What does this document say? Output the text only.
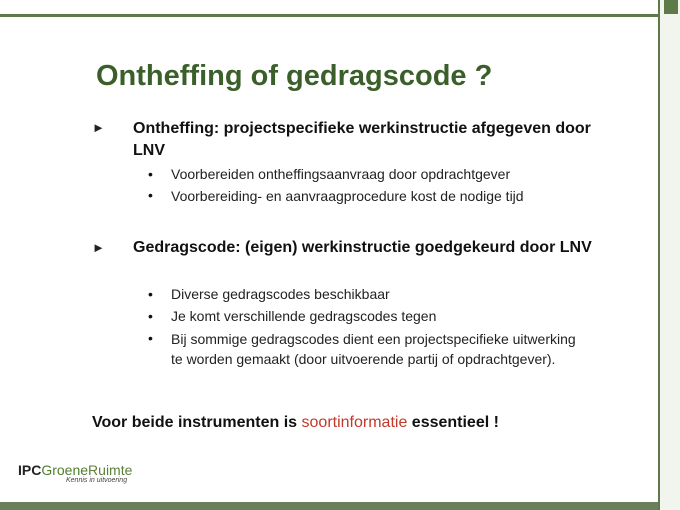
Ontheffing of gedragscode ?
► Ontheffing: projectspecifieke werkinstructie afgegeven door LNV
• Voorbereiden ontheffingsaanvraag door opdrachtgever
• Voorbereiding- en aanvraagprocedure kost de nodige tijd
► Gedragscode: (eigen) werkinstructie goedgekeurd door LNV
• Diverse gedragscodes beschikbaar
• Je komt verschillende gedragscodes tegen
• Bij sommige gedragscodes dient een projectspecifieke uitwerking te worden gemaakt (door uitvoerende partij of opdrachtgever).
Voor beide instrumenten is soortinformatie essentieel !
IPCGroeneRuimte
Kennis in uitvoering
